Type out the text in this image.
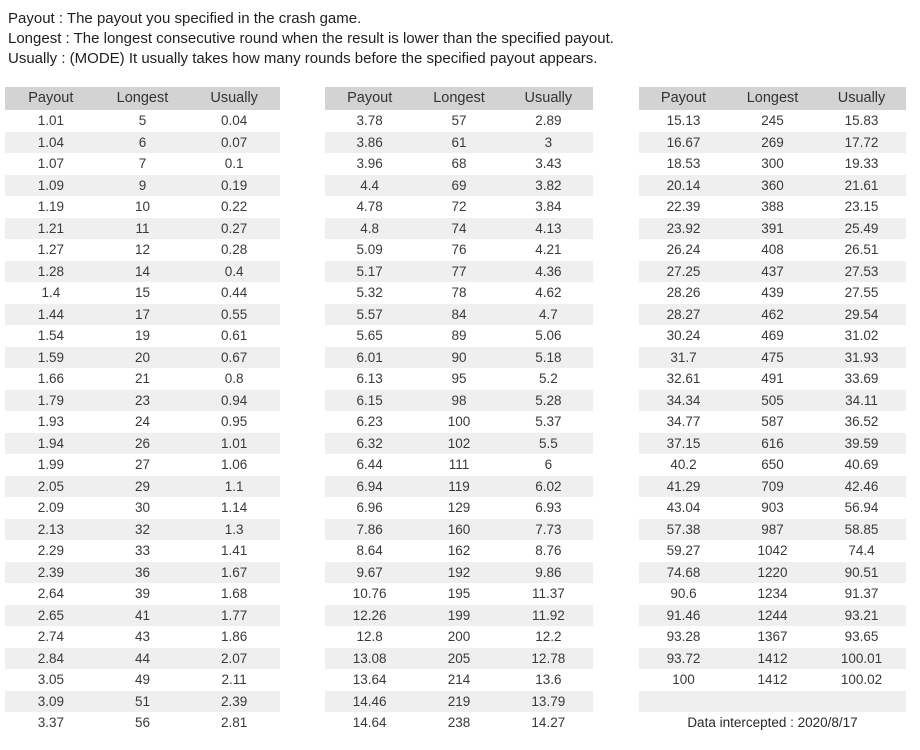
Payout : The payout you specified in the crash game.
Longest : The longest consecutive round when the result is lower than the specified payout.
Usually : (MODE) It usually takes how many rounds before the specified payout appears.
Payout	Longest	Usually
1.01	5	0.04
1.04	6	0.07
1.07	7	0.1
1.09	9	0.19
1.19	10	0.22
1.21	11	0.27
1.27	12	0.28
1.28	14	0.4
1.4	15	0.44
1.44	17	0.55
1.54	19	0.61
1.59	20	0.67
1.66	21	0.8
1.79	23	0.94
1.93	24	0.95
1.94	26	1.01
1.99	27	1.06
2.05	29	1.1
2.09	30	1.14
2.13	32	1.3
2.29	33	1.41
2.39	36	1.67
2.64	39	1.68
2.65	41	1.77
2.74	43	1.86
2.84	44	2.07
3.05	49	2.11
3.09	51	2.39
3.37	56	2.81
Payout	Longest	Usually
3.78	57	2.89
3.86	61	3
3.96	68	3.43
4.4	69	3.82
4.78	72	3.84
4.8	74	4.13
5.09	76	4.21
5.17	77	4.36
5.32	78	4.62
5.57	84	4.7
5.65	89	5.06
6.01	90	5.18
6.13	95	5.2
6.15	98	5.28
6.23	100	5.37
6.32	102	5.5
6.44	111	6
6.94	119	6.02
6.96	129	6.93
7.86	160	7.73
8.64	162	8.76
9.67	192	9.86
10.76	195	11.37
12.26	199	11.92
12.8	200	12.2
13.08	205	12.78
13.64	214	13.6
14.46	219	13.79
14.64	238	14.27
Payout	Longest	Usually
15.13	245	15.83
16.67	269	17.72
18.53	300	19.33
20.14	360	21.61
22.39	388	23.15
23.92	391	25.49
26.24	408	26.51
27.25	437	27.53
28.26	439	27.55
28.27	462	29.54
30.24	469	31.02
31.7	475	31.93
32.61	491	33.69
34.34	505	34.11
34.77	587	36.52
37.15	616	39.59
40.2	650	40.69
41.29	709	42.46
43.04	903	56.94
57.38	987	58.85
59.27	1042	74.4
74.68	1220	90.51
90.6	1234	91.37
91.46	1244	93.21
93.28	1367	93.65
93.72	1412	100.01
100	1412	100.02

Data intercepted : 2020/8/17		
